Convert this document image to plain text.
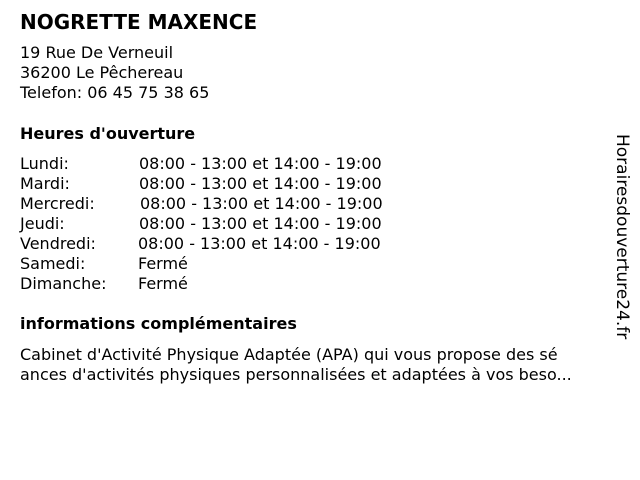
NOGRETTE MAXENCE
19 Rue De Verneuil
36200 Le Pêchereau
Telefon: 06 45 75 38 65
Heures d'ouverture
Lundi:	08:00 - 13:00 et 14:00 - 19:00
Mardi:	08:00 - 13:00 et 14:00 - 19:00
Mercredi:	08:00 - 13:00 et 14:00 - 19:00
Jeudi:	08:00 - 13:00 et 14:00 - 19:00
Vendredi:	08:00 - 13:00 et 14:00 - 19:00
Samedi:	Fermé
Dimanche: Fermé
informations complémentaires
Cabinet d'Activité Physique Adaptée (APA) qui vous propose des sé
ances d'activités physiques personnalisées et adaptées à vos beso...
Horairesdouverture24.fr
